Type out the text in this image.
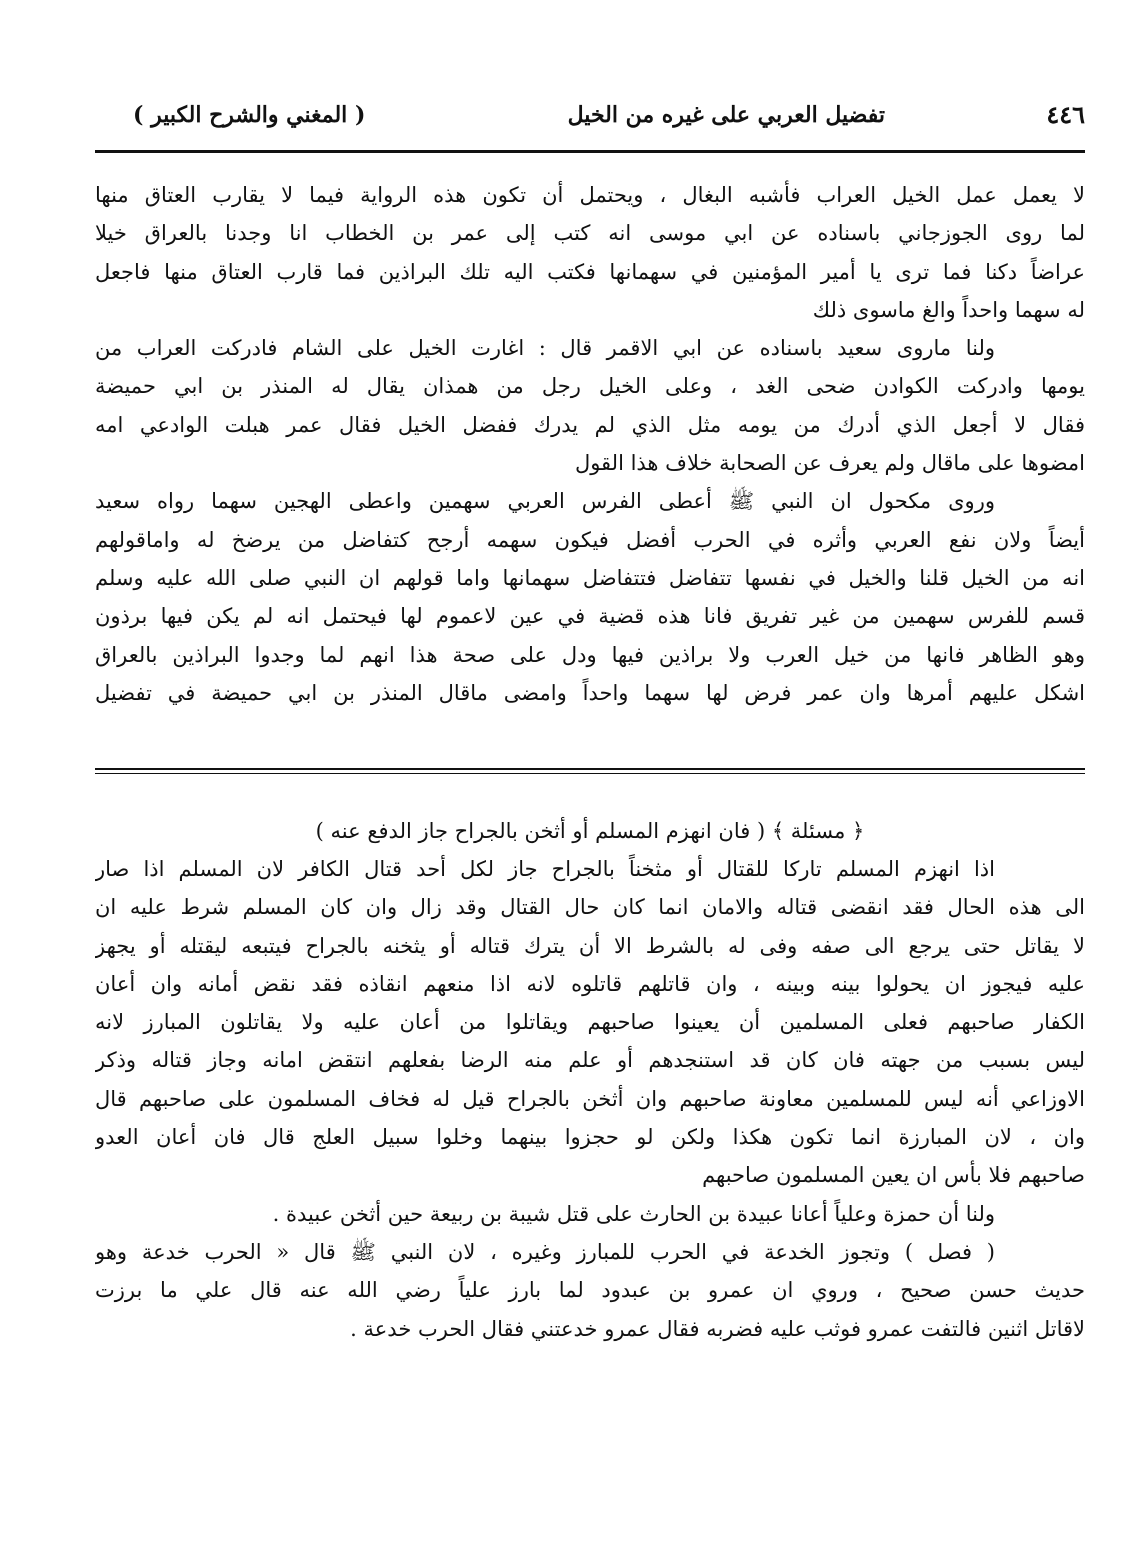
٤٤٦
تفضيل العربي على غيره من الخيل
( المغني والشرح الكبير )
لا يعمل عمل الخيل العراب فأشبه البغال ، ويحتمل أن تكون هذه الرواية فيما لا يقارب العتاق منها
لما روى الجوزجاني باسناده عن ابي موسى انه كتب إلى عمر بن الخطاب انا وجدنا بالعراق خيلا
عراضاً دكنا فما ترى يا أمير المؤمنين في سهمانها فكتب اليه تلك البراذين فما قارب العتاق منها فاجعل
له سهما واحداً والغ ماسوى ذلك
ولنا ماروى سعيد باسناده عن ابي الاقمر قال : اغارت الخيل على الشام فادركت العراب من
يومها وادركت الكوادن ضحى الغد ، وعلى الخيل رجل من همذان يقال له المنذر بن ابي حميضة
فقال لا أجعل الذي أدرك من يومه مثل الذي لم يدرك ففضل الخيل فقال عمر هبلت الوادعي امه
امضوها على ماقال ولم يعرف عن الصحابة خلاف هذا القول
وروى مكحول ان النبي ﷺ أعطى الفرس العربي سهمين واعطى الهجين سهما رواه سعيد
أيضاً ولان نفع العربي وأثره في الحرب أفضل فيكون سهمه أرجح كتفاضل من يرضخ له واماقولهم
انه من الخيل قلنا والخيل في نفسها تتفاضل فتتفاضل سهمانها واما قولهم ان النبي صلى الله عليه وسلم
قسم للفرس سهمين من غير تفريق فانا هذه قضية في عين لاعموم لها فيحتمل انه لم يكن فيها برذون
وهو الظاهر فانها من خيل العرب ولا براذين فيها ودل على صحة هذا انهم لما وجدوا البراذين بالعراق
اشكل عليهم أمرها وان عمر فرض لها سهما واحداً وامضى ماقال المنذر بن ابي حميضة في تفضيل
﴿ مسئلة ﴾ ( فان انهزم المسلم أو أثخن بالجراح جاز الدفع عنه )
اذا انهزم المسلم تاركا للقتال أو مثخناً بالجراح جاز لكل أحد قتال الكافر لان المسلم اذا صار
الى هذه الحال فقد انقضى قتاله والامان انما كان حال القتال وقد زال وان كان المسلم شرط عليه ان
لا يقاتل حتى يرجع الى صفه وفى له بالشرط الا أن يترك قتاله أو يثخنه بالجراح فيتبعه ليقتله أو يجهز
عليه فيجوز ان يحولوا بينه وبينه ، وان قاتلهم قاتلوه لانه اذا منعهم انقاذه فقد نقض أمانه وان أعان
الكفار صاحبهم فعلى المسلمين أن يعينوا صاحبهم ويقاتلوا من أعان عليه ولا يقاتلون المبارز لانه
ليس بسبب من جهته فان كان قد استنجدهم أو علم منه الرضا بفعلهم انتقض امانه وجاز قتاله وذكر
الاوزاعي أنه ليس للمسلمين معاونة صاحبهم وان أثخن بالجراح قيل له فخاف المسلمون على صاحبهم قال
وان ، لان المبارزة انما تكون هكذا ولكن لو حجزوا بينهما وخلوا سبيل العلج قال فان أعان العدو
صاحبهم فلا بأس ان يعين المسلمون صاحبهم
ولنا أن حمزة وعلياً أعانا عبيدة بن الحارث على قتل شيبة بن ربيعة حين أثخن عبيدة .
( فصل ) وتجوز الخدعة في الحرب للمبارز وغيره ، لان النبي ﷺ قال « الحرب خدعة وهو
حديث حسن صحيح ، وروي ان عمرو بن عبدود لما بارز علياً رضي الله عنه قال علي ما برزت
لاقاتل اثنين فالتفت عمرو فوثب عليه فضربه فقال عمرو خدعتني فقال الحرب خدعة .
